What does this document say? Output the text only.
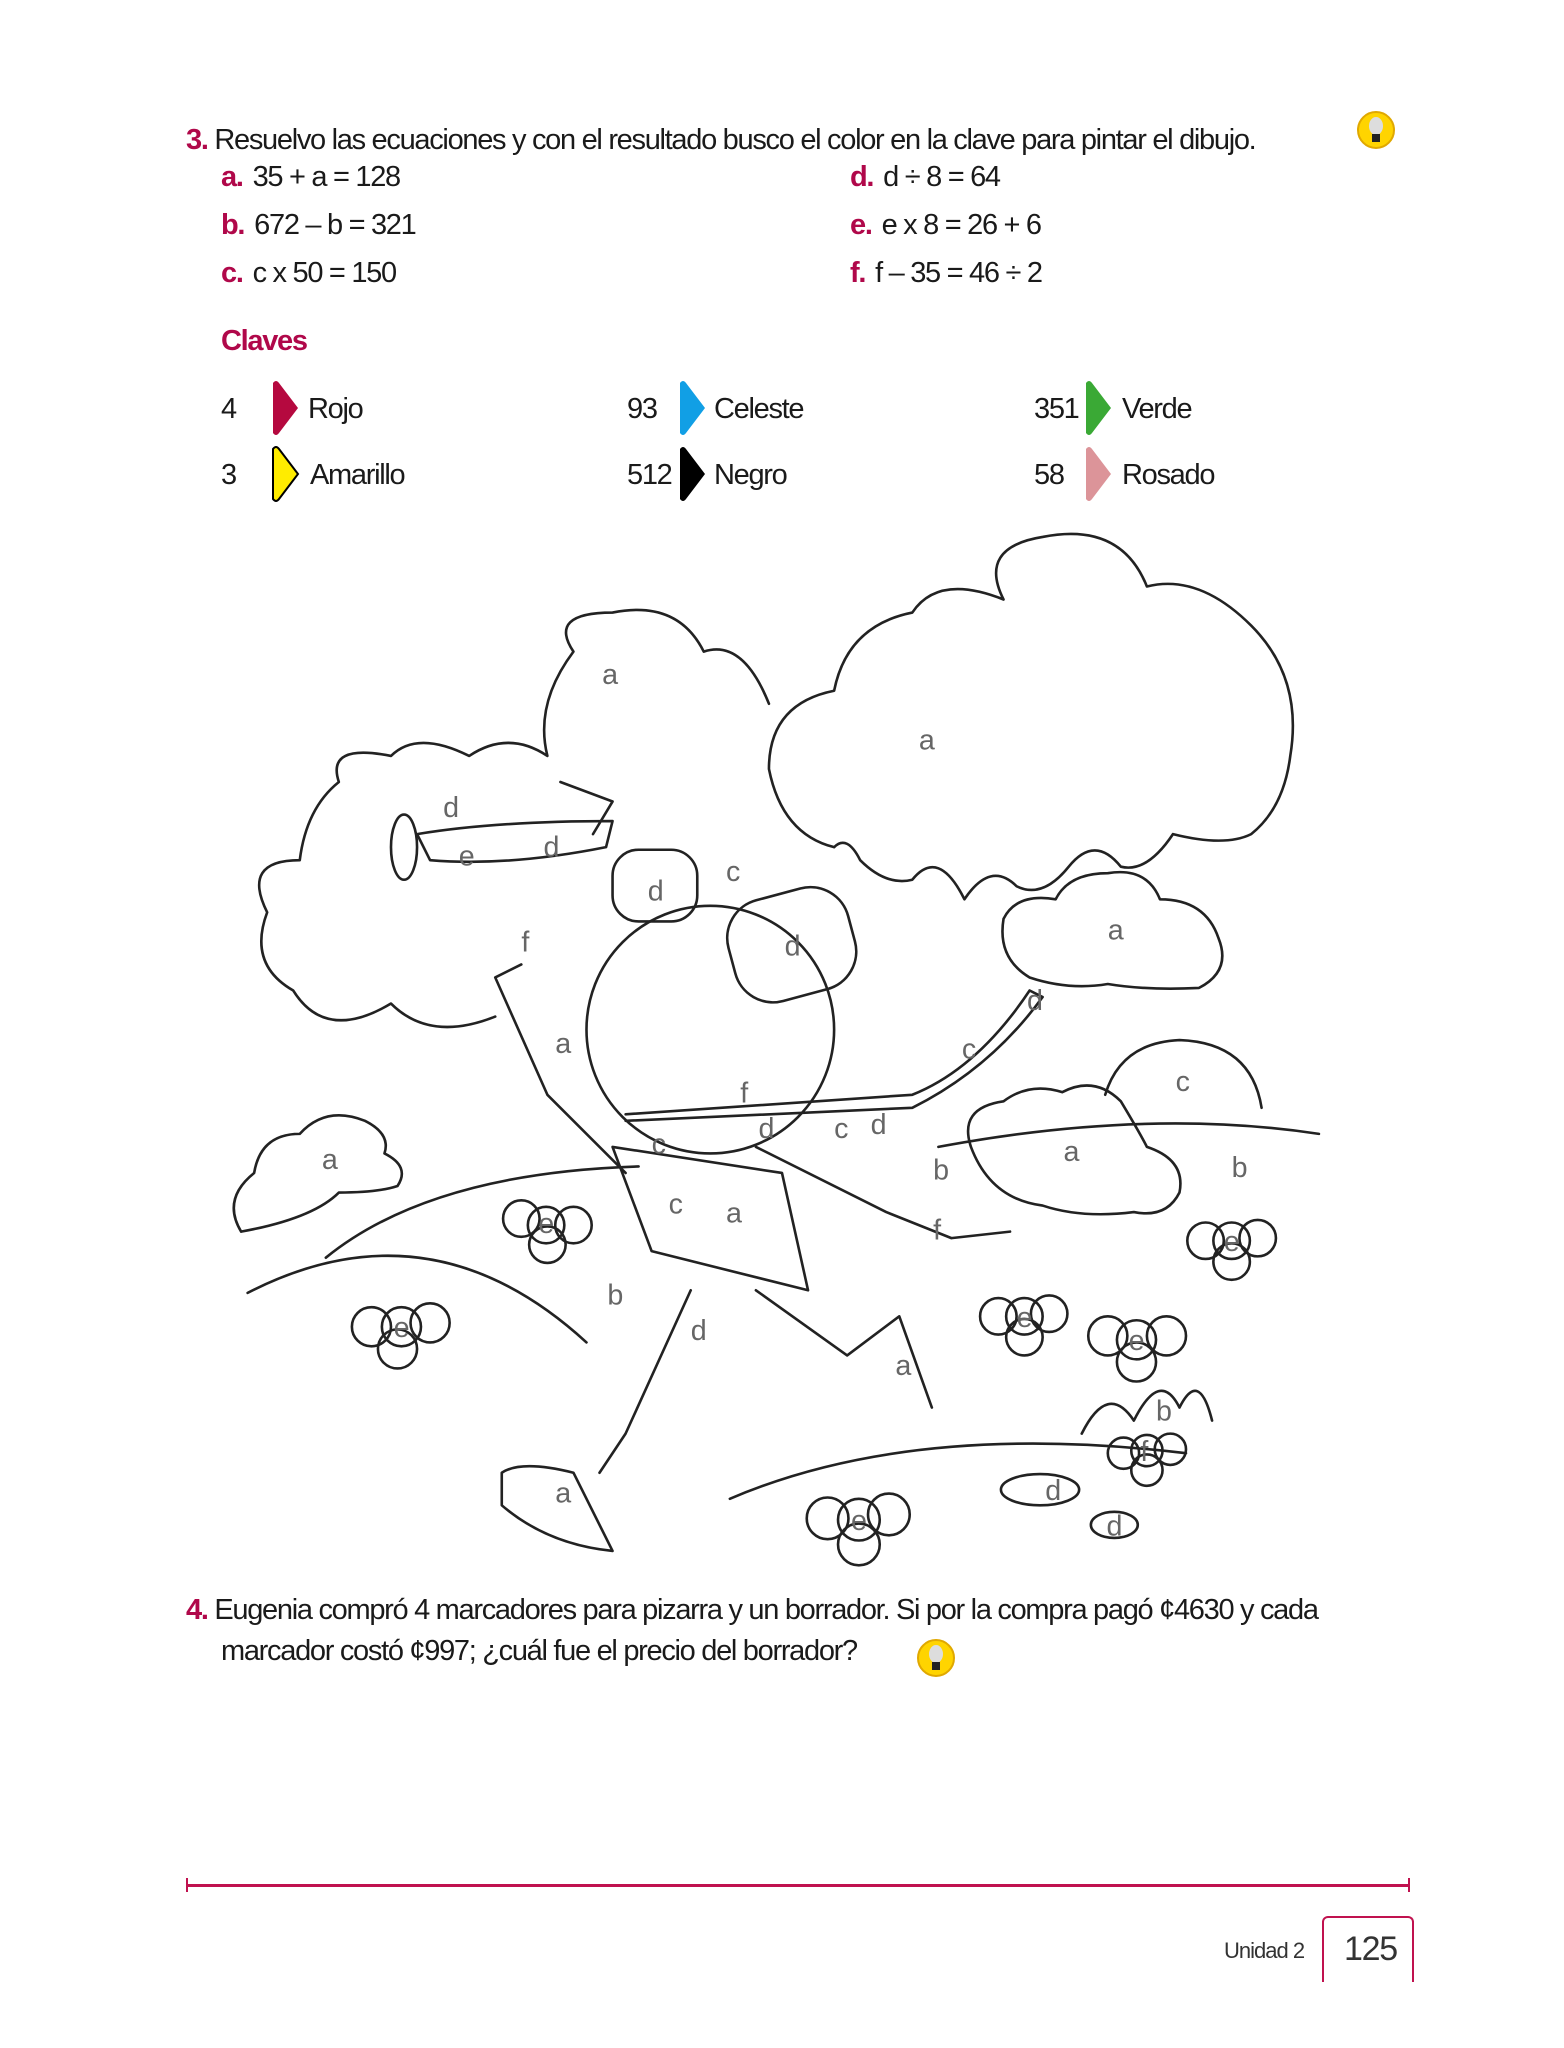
3. Resuelvo las ecuaciones y con el resultado busco el color en la clave para pintar el dibujo.
a. 35 + a = 128
b. 672 – b = 321
c. c x 50 = 150
d. d ÷ 8 = 64
e. e x 8 = 26 + 6
f. f – 35 = 46 ÷ 2
Claves
4 Rojo	93 Celeste	351 Verde
3	Amarillo	512 Negro	58 Rosado
a
a
a
a
a
a
a
a
a
b
b	b
b
c
c
c
d
d
d
d
d
d
d
e
e
e
e
e
e
e
f
f
f
f
c	d	c d
c
d
4. Eugenia compró 4 marcadores para pizarra y un borrador. Si por la compra pagó ¢4630 y cada
marcador costó ¢997; ¿cuál fue el precio del borrador?
Unidad 2 125
